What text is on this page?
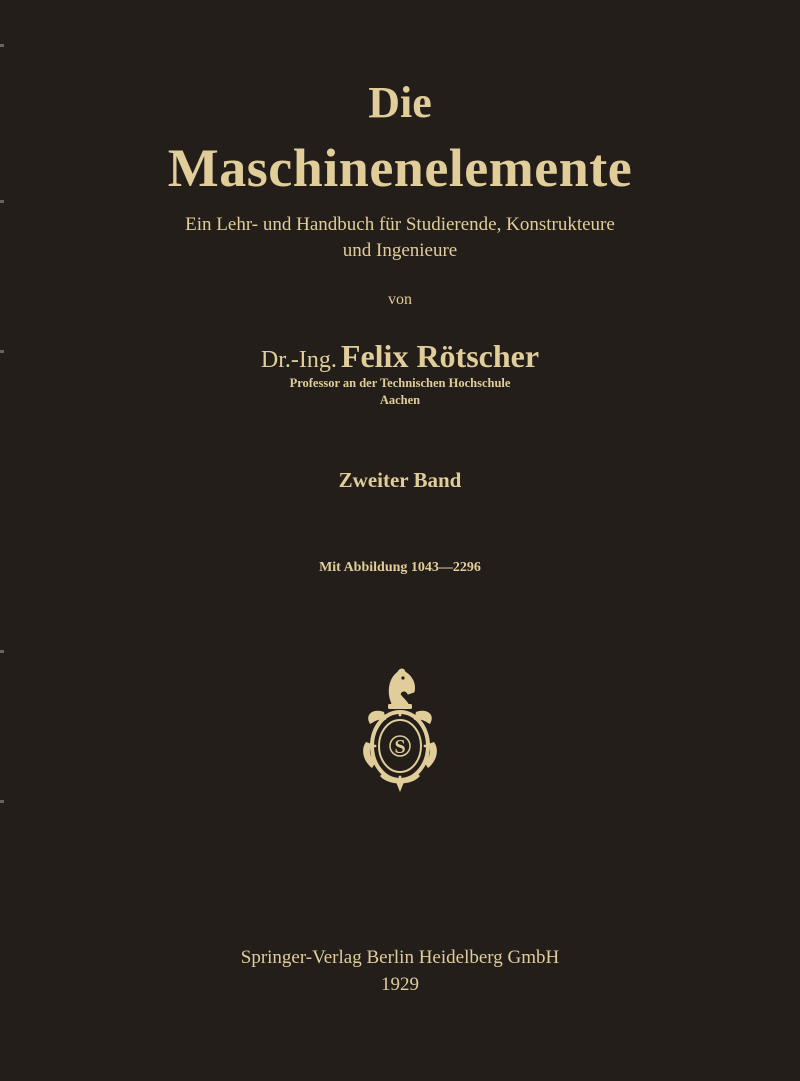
Die
Maschinenelemente
Ein Lehr- und Handbuch für Studierende, Konstrukteure
und Ingenieure
von
Dr.-Ing. Felix Rötscher
Professor an der Technischen Hochschule
Aachen
Zweiter Band
Mit Abbildung 1043—2296
S
Springer-Verlag Berlin Heidelberg GmbH
1929
